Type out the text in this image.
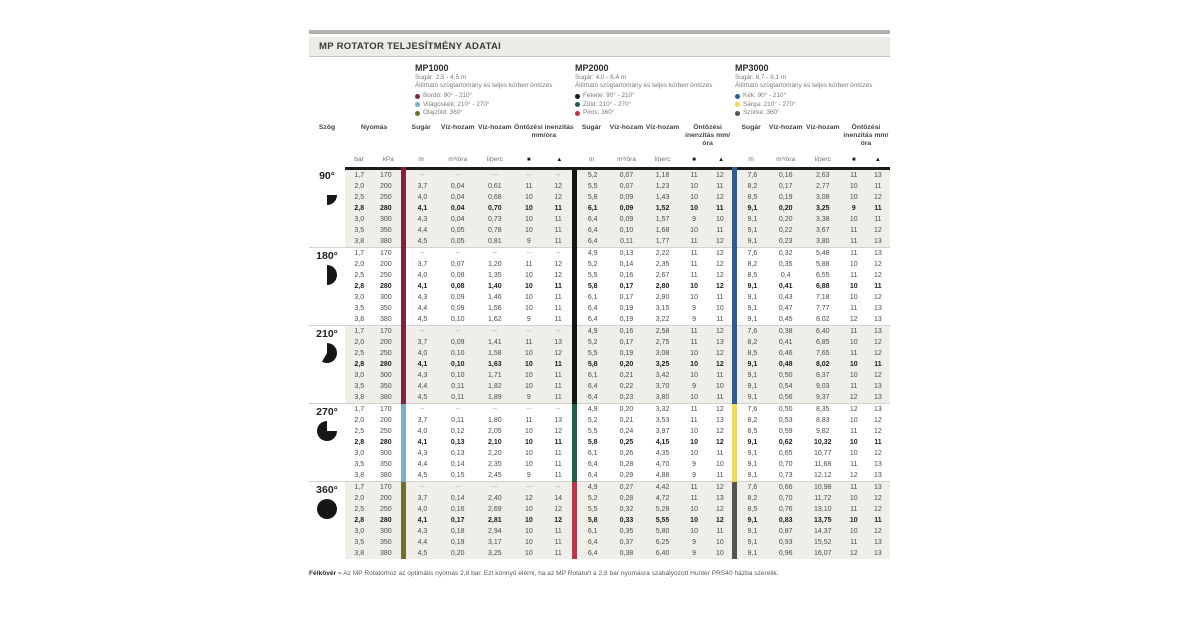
MP ROTATOR TELJESÍTMÉNY ADATAI
MP1000
Sugár: 2,5 - 4,5 m
Állítható szögtartomány és teljes körben öntözés
Bordó: 90° - 210°
Világoskék: 210° - 270°
Olajzöld: 360°
MP2000
Sugár: 4,0 - 6,4 m
Állítható szögtartomány és teljes körben öntözés
Fekete: 90° - 210°
Zöld: 210° - 270°
Piros: 360°
MP3000
Sugár: 6,7 - 9,1 m
Állítható szögtartomány és teljes körben öntözés
Kék: 90° - 210°
Sárga: 210° - 270°
Szürke: 360°
Szög	Nyomás		Sugár	Víz-hozam	Víz-hozam	Öntözési inenzitás mm/óra		Sugár	Víz-hozam	Víz-hozam	Öntözési inenzitás mm/óra		Sugár	Víz-hozam	Víz-hozam	Öntözési inenzitás mm/óra	
	bar	kPa	m	m³/óra	l/perc	■	▲	m	m³/óra	l/perc	■	▲	m	m³/óra	l/perc	■	▲

90°	1,7	170	--	--	--	--	--	5,2	0,07	1,18	11	12	7,6	0,16	2,63	11	13
	2,0	200	3,7	0,04	0,61	11	12	5,5	0,07	1,23	10	11	8,2	0,17	2,77	10	11
	2,5	250	4,0	0,04	0,68	10	12	5,8	0,09	1,43	10	12	8,5	0,19	3,08	10	12
	2,8	280	4,1	0,04	0,70	10	11	6,1	0,09	1,52	10	11	9,1	0,20	3,25	9	11
	3,0	300	4,3	0,04	0,73	10	11	6,4	0,09	1,57	9	10	9,1	0,20	3,38	10	11
	3,5	350	4,4	0,05	0,78	10	11	6,4	0,10	1,68	10	11	9,1	0,22	3,67	11	12
	3,8	380	4,5	0,05	0,81	9	11	6,4	0,11	1,77	11	12	9,1	0,23	3,80	11	13

180°	1,7	170	--	--	--	--	--	4,9	0,13	2,22	11	12	7,6	0,32	5,48	11	13
	2,0	200	3,7	0,07	1,20	11	12	5,2	0,14	2,35	11	12	8,2	0,35	5,88	10	12
	2,5	250	4,0	0,08	1,35	10	12	5,5	0,16	2,67	11	12	8,5	0,4	6,55	11	12
	2,8	280	4,1	0,08	1,40	10	11	5,8	0,17	2,80	10	12	9,1	0,41	6,88	10	11
	3,0	300	4,3	0,09	1,46	10	11	6,1	0,17	2,90	10	11	9,1	0,43	7,18	10	12
	3,5	350	4,4	0,09	1,56	10	11	6,4	0,19	3,15	9	10	9,1	0,47	7,77	11	13
	3,8	380	4,5	0,10	1,62	9	11	6,4	0,19	3,22	9	11	9,1	0,45	8,02	12	13

210°	1,7	170	--	--	--	--	--	4,9	0,16	2,58	11	12	7,6	0,38	6,40	11	13
	2,0	200	3,7	0,09	1,41	11	13	5,2	0,17	2,75	11	13	8,2	0,41	6,85	10	12
	2,5	250	4,0	0,10	1,58	10	12	5,5	0,19	3,08	10	12	8,5	0,46	7,65	11	12
	2,8	280	4,1	0,10	1,63	10	11	5,8	0,20	3,25	10	12	9,1	0,48	8,02	10	11
	3,0	300	4,3	0,10	1,71	10	11	6,1	0,21	3,42	10	11	9,1	0,50	8,37	10	12
	3,5	350	4,4	0,11	1,82	10	11	6,4	0,22	3,70	9	10	9,1	0,54	9,03	11	13
	3,8	380	4,5	0,11	1,89	9	11	6,4	0,23	3,80	10	11	9,1	0,56	9,37	12	13

270°	1,7	170	--	--	--	--	--	4,9	0,20	3,32	11	12	7,6	0,50	8,35	12	13
	2,0	200	3,7	0,11	1,80	11	13	5,2	0,21	3,53	11	13	8,2	0,53	8,83	10	12
	2,5	250	4,0	0,12	2,05	10	12	5,5	0,24	3,97	10	12	8,5	0,59	9,82	11	12
	2,8	280	4,1	0,13	2,10	10	11	5,8	0,25	4,15	10	12	9,1	0,62	10,32	10	11
	3,0	300	4,3	0,13	2,20	10	11	6,1	0,26	4,35	10	11	9,1	0,65	10,77	10	12
	3,5	350	4,4	0,14	2,35	10	11	6,4	0,28	4,70	9	10	9,1	0,70	11,68	11	13
	3,8	380	4,5	0,15	2,45	9	11	6,4	0,29	4,88	9	11	9,1	0,73	12,12	12	13

360°	1,7	170	--	--	--	--	--	4,9	0,27	4,42	11	12	7,6	0,66	10,98	11	13
	2,0	200	3,7	0,14	2,40	12	14	5,2	0,28	4,72	11	13	8,2	0,70	11,72	10	12
	2,5	250	4,0	0,16	2,69	10	12	5,5	0,32	5,28	10	12	8,5	0,76	13,10	11	12
	2,8	280	4,1	0,17	2,81	10	12	5,8	0,33	5,55	10	12	9,1	0,83	13,75	10	11
	3,0	300	4,3	0,18	2,94	10	11	6,1	0,35	5,80	10	11	9,1	0,87	14,37	10	12
	3,5	350	4,4	0,19	3,17	10	11	6,4	0,37	6,25	9	10	9,1	0,93	15,52	11	13
	3,8	380	4,5	0,20	3,25	10	11	6,4	0,38	6,40	9	10	9,1	0,96	16,07	12	13
Félkövér = Az MP Rotatorhoz az optimális nyomás 2,8 bar. Ezt könnyű elérni, ha az MP Rotatort a 2,8 bar nyomásra szabályozott Hunter PRS40 házba szerelik.
